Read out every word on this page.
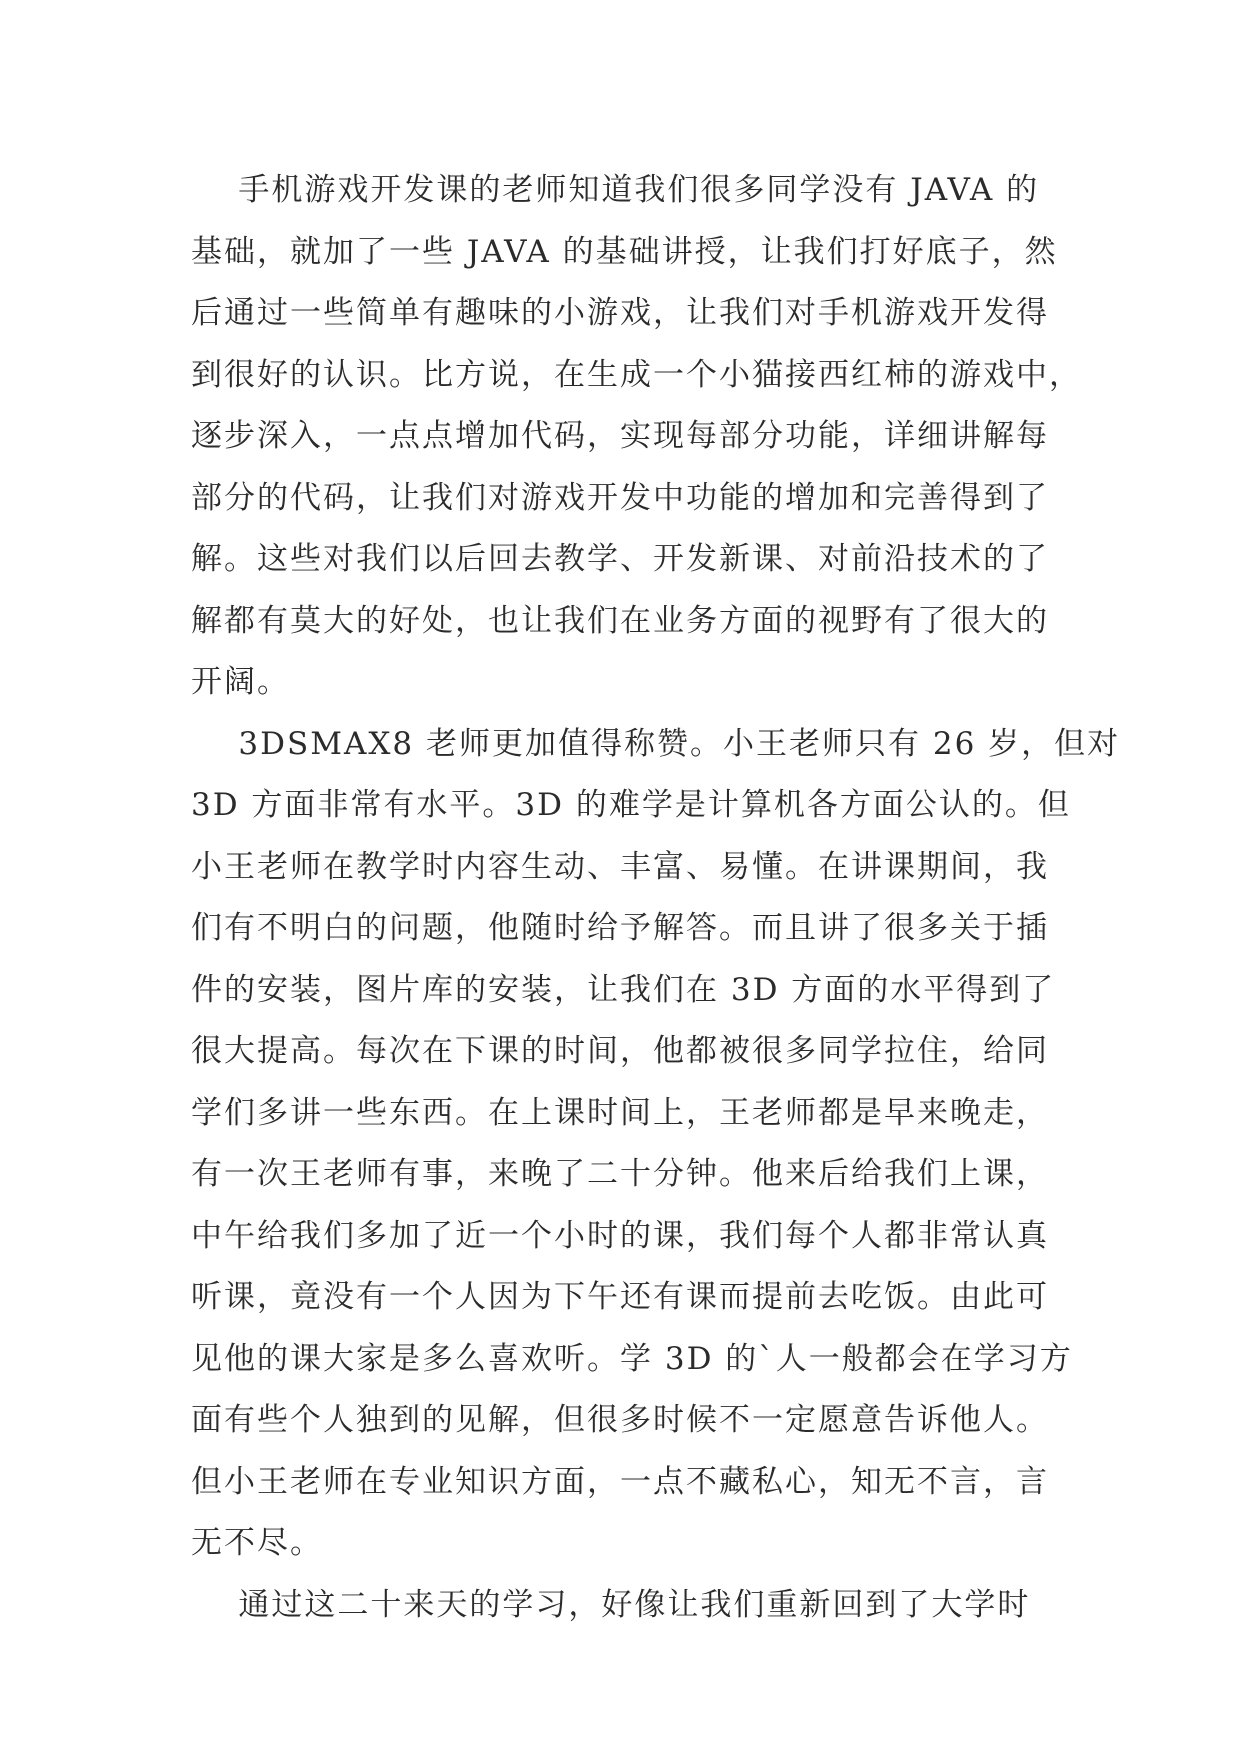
手机游戏开发课的老师知道我们很多同学没有 JAVA 的
基础，就加了一些 JAVA 的基础讲授，让我们打好底子，然
后通过一些简单有趣味的小游戏，让我们对手机游戏开发得
到很好的认识。比方说，在生成一个小猫接西红柿的游戏中，
逐步深入，一点点增加代码，实现每部分功能，详细讲解每
部分的代码，让我们对游戏开发中功能的增加和完善得到了
解。这些对我们以后回去教学、开发新课、对前沿技术的了
解都有莫大的好处，也让我们在业务方面的视野有了很大的
开阔。
3DSMAX8 老师更加值得称赞。小王老师只有 26 岁，但对
3D 方面非常有水平。3D 的难学是计算机各方面公认的。但
小王老师在教学时内容生动、丰富、易懂。在讲课期间，我
们有不明白的问题，他随时给予解答。而且讲了很多关于插
件的安装，图片库的安装，让我们在 3D 方面的水平得到了
很大提高。每次在下课的时间，他都被很多同学拉住，给同
学们多讲一些东西。在上课时间上，王老师都是早来晚走，
有一次王老师有事，来晚了二十分钟。他来后给我们上课，
中午给我们多加了近一个小时的课，我们每个人都非常认真
听课，竟没有一个人因为下午还有课而提前去吃饭。由此可
见他的课大家是多么喜欢听。学 3D 的`人一般都会在学习方
面有些个人独到的见解，但很多时候不一定愿意告诉他人。
但小王老师在专业知识方面，一点不藏私心，知无不言，言
无不尽。
通过这二十来天的学习，好像让我们重新回到了大学时
